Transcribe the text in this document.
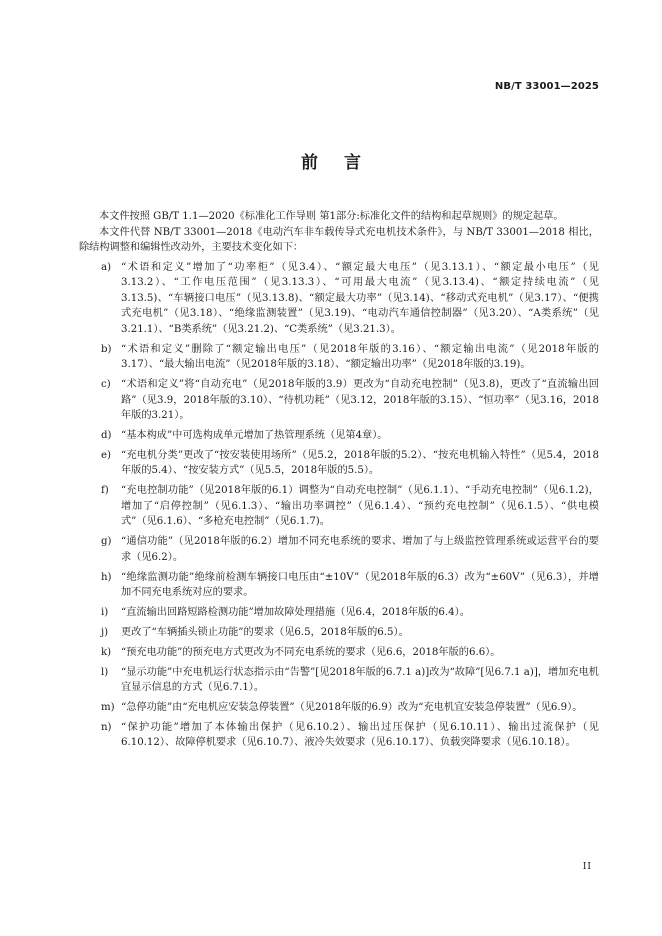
NB/T 33001—2025
前言

本文件按照 GB/T 1.1—2020《标准化工作导则 第1部分:标准化文件的结构和起草规则》的规定起草。

本文件代替 NB/T 33001—2018《电动汽车非车载传导式充电机技术条件》，与 NB/T 33001—2018 相比，除结构调整和编辑性改动外，主要技术变化如下：

a) “术语和定义”增加了“功率柜”（见3.4）、“额定最大电压”（见3.13.1）、“额定最小电压”（见3.13.2）、“工作电压范围”（见3.13.3）、“可用最大电流”（见3.13.4)、“额定持续电流”（见3.13.5)、“车辆接口电压”（见3.13.8)、“额定最大功率”（见3.14)、“移动式充电机”（见3.17）、“便携式充电机”（见3.18）、“绝缘监测装置”（见3.19)、“电动汽车通信控制器”（见3.20）、“A类系统”（见3.21.1）、“B类系统”（见3.21.2)、“C类系统”（见3.21.3）。
b) “术语和定义”删除了“额定输出电压”（见2018年版的3.16）、“额定输出电流”（见2018年版的3.17）、“最大输出电流”（见2018年版的3.18）、“额定输出功率”（见2018年版的3.19)。
c) “术语和定义”将“自动充电”（见2018年版的3.9）更改为“自动充电控制”（见3.8)，更改了“直流输出回路”（见3.9，2018年版的3.10）、“待机功耗”（见3.12，2018年版的3.15）、“恒功率”（见3.16，2018年版的3.21）。
d) “基本构成”中可选构成单元增加了热管理系统（见第4章）。
e) “充电机分类”更改了“按安装使用场所”（见5.2，2018年版的5.2）、“按充电机输入特性”（见5.4，2018年版的5.4）、“按安装方式”（见5.5，2018年版的5.5）。
f) “充电控制功能”（见2018年版的6.1）调整为“自动充电控制”（见6.1.1）、“手动充电控制”（见6.1.2)，增加了“启停控制”（见6.1.3）、“输出功率调控”（见6.1.4）、“预约充电控制”（见6.1.5）、“供电模式”（见6.1.6）、“多枪充电控制”（见6.1.7)。
g) “通信功能”（见2018年版的6.2）增加不同充电系统的要求、增加了与上级监控管理系统或运营平台的要求（见6.2）。
h) “绝缘监测功能”绝缘前检测车辆接口电压由“±10V”（见2018年版的6.3）改为“±60V”（见6.3），并增加不同充电系统对应的要求。
i) “直流输出回路短路检测功能”增加故障处理措施（见6.4，2018年版的6.4）。
j) 更改了“车辆插头锁止功能”的要求（见6.5，2018年版的6.5）。
k) “预充电功能”的预充电方式更改为不同充电系统的要求（见6.6，2018年版的6.6）。
l) “显示功能”中充电机运行状态指示由“告警”[见2018年版的6.7.1 a)]改为“故障”[见6.7.1 a)]，增加充电机宜显示信息的方式（见6.7.1）。
m) “急停功能”由“充电机应安装急停装置”（见2018年版的6.9）改为“充电机宜安装急停装置”（见6.9）。
n) “保护功能”增加了本体输出保护（见6.10.2）、输出过压保护（见6.10.11）、输出过流保护（见6.10.12）、故障停机要求（见6.10.7）、液冷失效要求（见6.10.17）、负载突降要求（见6.10.18）。
II
